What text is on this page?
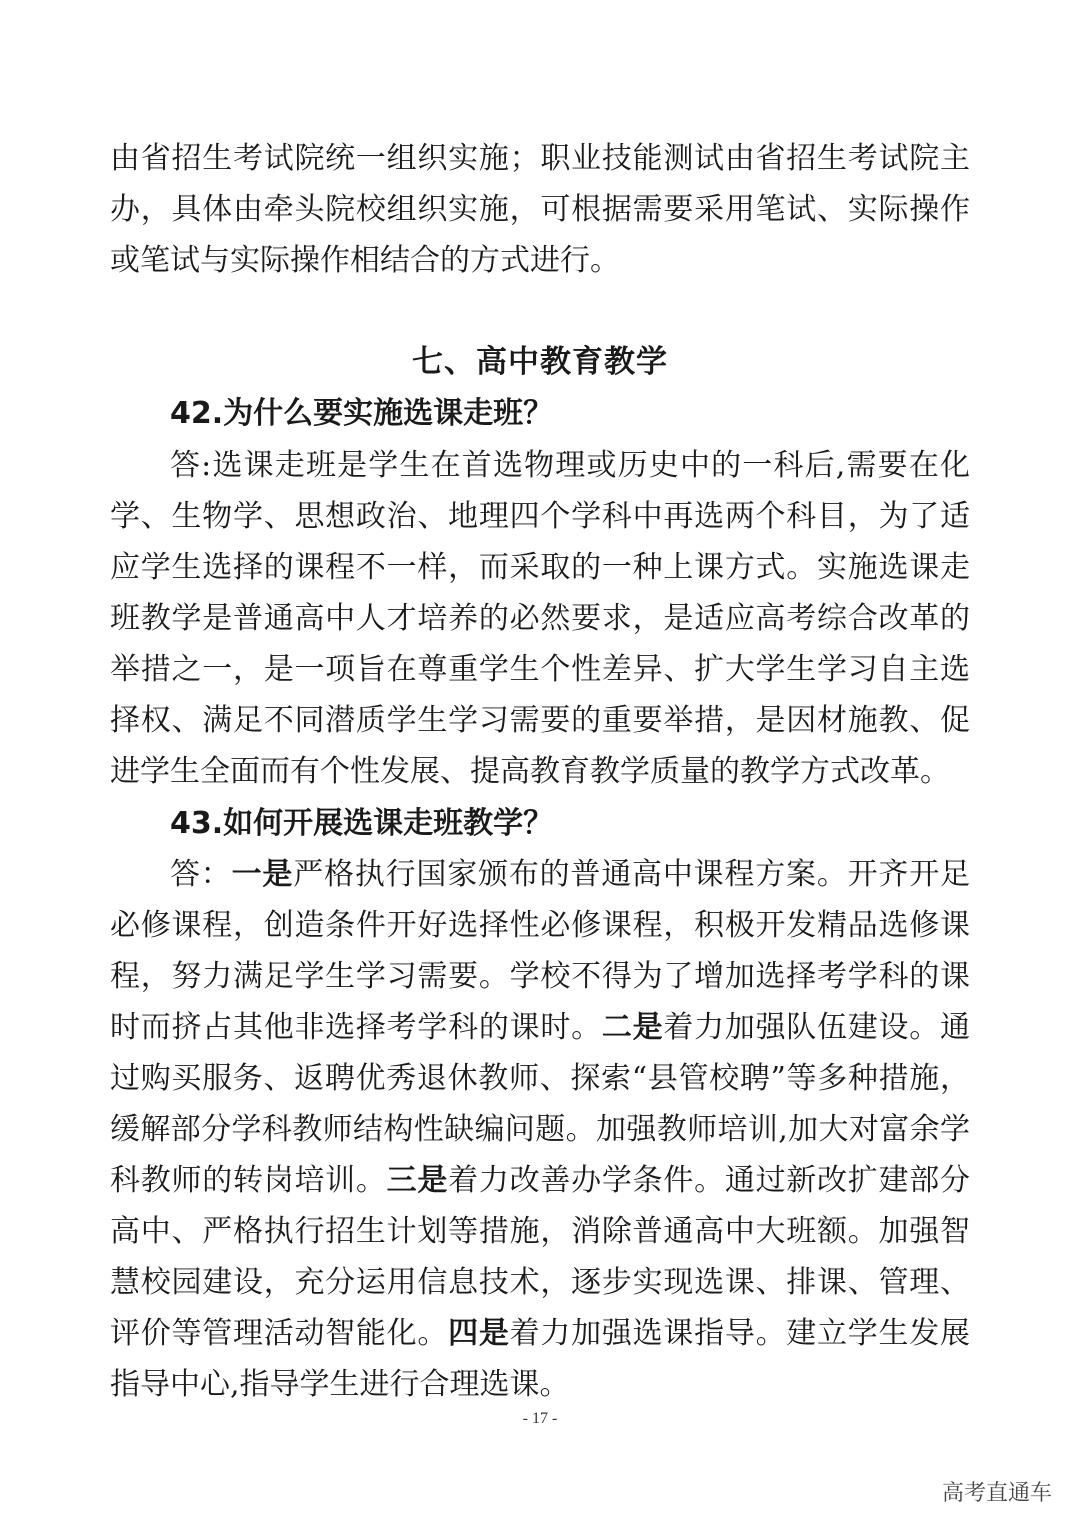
由省招生考试院统一组织实施；职业技能测试由省招生考试院主办，具体由牵头院校组织实施，可根据需要采用笔试、实际操作或笔试与实际操作相结合的方式进行。

七、高中教育教学
42.为什么要实施选课走班？

答:选课走班是学生在首选物理或历史中的一科后,需要在化学、生物学、思想政治、地理四个学科中再选两个科目，为了适应学生选择的课程不一样，而采取的一种上课方式。实施选课走班教学是普通高中人才培养的必然要求，是适应高考综合改革的举措之一，是一项旨在尊重学生个性差异、扩大学生学习自主选择权、满足不同潜质学生学习需要的重要举措，是因材施教、促进学生全面而有个性发展、提高教育教学质量的教学方式改革。

43.如何开展选课走班教学？

答：一是严格执行国家颁布的普通高中课程方案。开齐开足必修课程，创造条件开好选择性必修课程，积极开发精品选修课程，努力满足学生学习需要。学校不得为了增加选择考学科的课时而挤占其他非选择考学科的课时。二是着力加强队伍建设。通过购买服务、返聘优秀退休教师、探索“县管校聘”等多种措施，缓解部分学科教师结构性缺编问题。加强教师培训,加大对富余学科教师的转岗培训。三是着力改善办学条件。通过新改扩建部分高中、严格执行招生计划等措施，消除普通高中大班额。加强智慧校园建设，充分运用信息技术，逐步实现选课、排课、管理、评价等管理活动智能化。四是着力加强选课指导。建立学生发展指导中心,指导学生进行合理选课。

- 17 -
高考直通车
